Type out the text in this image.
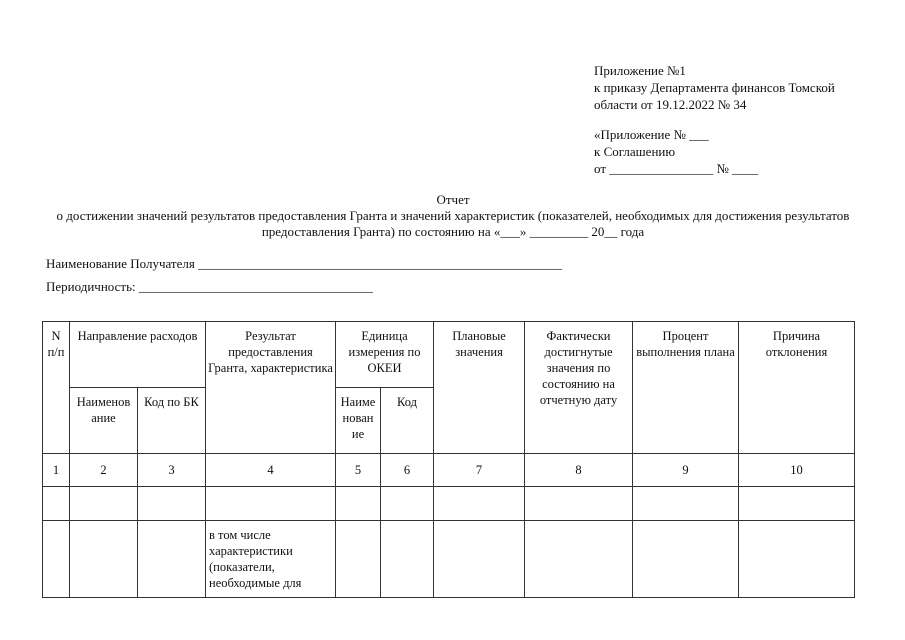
Приложение №1
к приказу Департамента финансов Томской
области от 19.12.2022 № 34
«Приложение № ___
к Соглашению
от ________________ № ____
Отчет
о достижении значений результатов предоставления Гранта и значений характеристик (показателей, необходимых для достижения результатов предоставления Гранта) по состоянию на «___» _________ 20__ года
Наименование Получателя ________________________________________________________
Периодичность: ____________________________________
N п/п	Направление расходов		Результат предоставления Гранта, характеристика	Единица измерения по ОКЕИ		Плановые значения	Фактически достигнутые значения по состоянию на отчетную дату	Процент выполнения плана	Причина отклонения
	Наименов ание	Код по БК		Наиме нован ие	Код				
1	2	3	4	5	6	7	8	9	10

			в том числе характеристики (показатели, необходимые для						
